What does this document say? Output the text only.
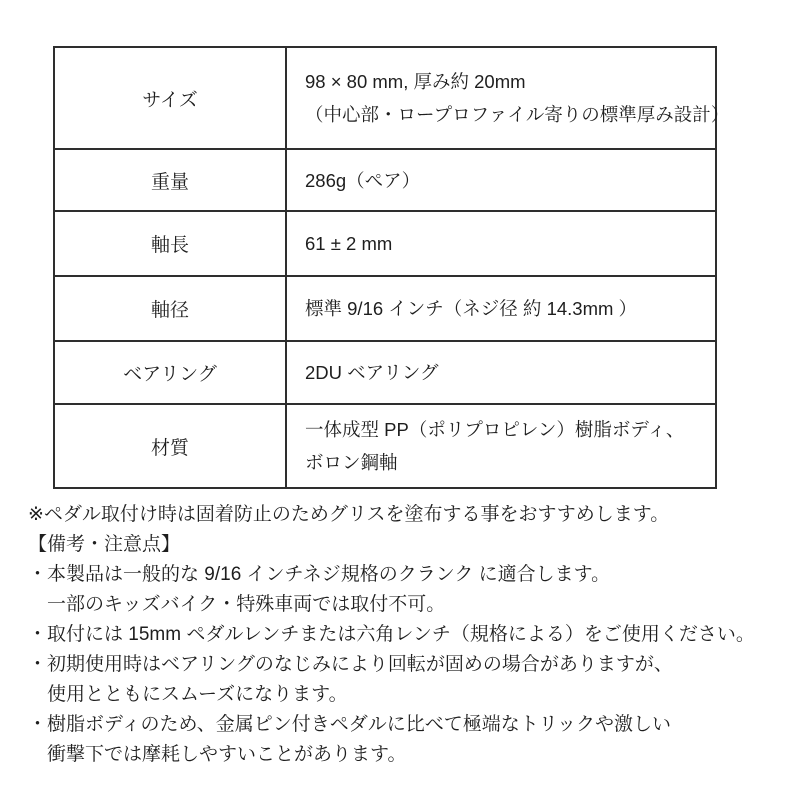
サイズ	98 × 80 mm, 厚み約 20mm
（中心部・ロープロファイル寄りの標準厚み設計）

重量	286g（ペア）

軸長	61 ± 2 mm

軸径	標準 9/16 インチ（ネジ径 約 14.3mm ）

ベアリング	2DU ベアリング

材質	一体成型 PP（ポリプロピレン）樹脂ボディ、
ボロン鋼軸
※ペダル取付け時は固着防止のためグリスを塗布する事をおすすめします。
【備考・注意点】
・本製品は一般的な 9/16 インチネジ規格のクランク に適合します。
一部のキッズバイク・特殊車両では取付不可。
・取付には 15mm ペダルレンチまたは六角レンチ（規格による）をご使用ください。
・初期使用時はベアリングのなじみにより回転が固めの場合がありますが、
使用とともにスムーズになります。
・樹脂ボディのため、金属ピン付きペダルに比べて極端なトリックや激しい
衝撃下では摩耗しやすいことがあります。
